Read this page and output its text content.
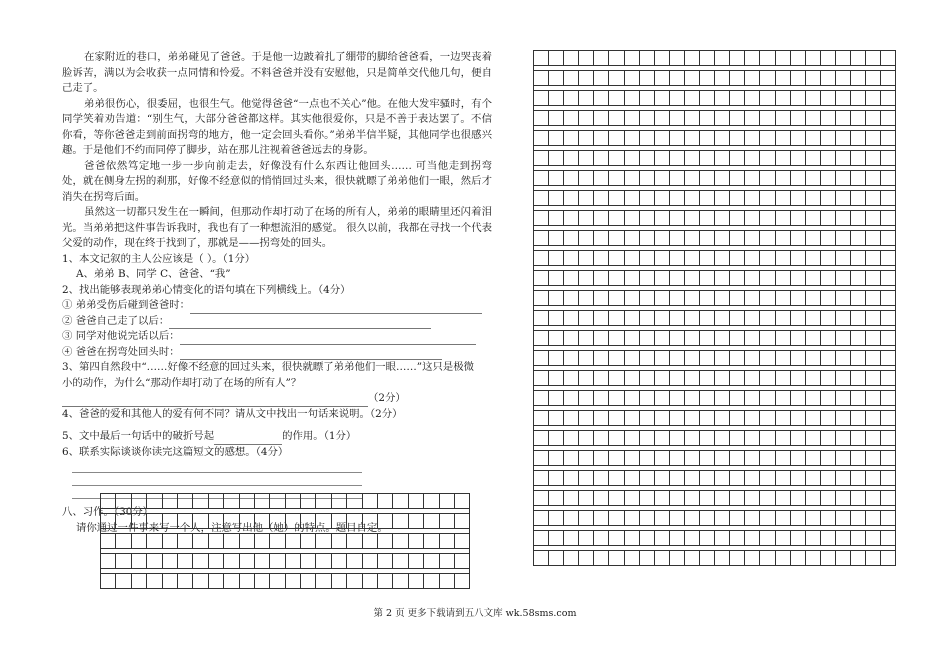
在家附近的巷口，弟弟碰见了爸爸。于是他一边跛着扎了绷带的脚给爸爸看，一边哭丧着脸诉苦，满以为会收获一点同情和怜爱。不料爸爸并没有安慰他，只是简单交代他几句，便自己走了。

弟弟很伤心，很委屈，也很生气。他觉得爸爸“一点也不关心”他。在他大发牢骚时，有个同学笑着劝告道：“别生气，大部分爸爸都这样。其实他很爱你，只是不善于表达罢了。不信你看，等你爸爸走到前面拐弯的地方，他一定会回头看你。”弟弟半信半疑，其他同学也很感兴趣。于是他们不约而同停了脚步，站在那儿注视着爸爸远去的身影。

爸爸依然笃定地一步一步向前走去，好像没有什么东西让他回头…… 可当他走到拐弯处，就在侧身左拐的刹那，好像不经意似的悄悄回过头来，很快就瞟了弟弟他们一眼，然后才消失在拐弯后面。

虽然这一切都只发生在一瞬间，但那动作却打动了在场的所有人，弟弟的眼睛里还闪着泪光。当弟弟把这件事告诉我时，我也有了一种想流泪的感觉。 很久以前，我都在寻找一个代表父爱的动作，现在终于找到了，那就是——拐弯处的回头。

1、本文记叙的主人公应该是（ ）。（1分）

A、弟弟 B、同学 C、爸爸、“我”

2、找出能够表现弟弟心情变化的语句填在下列横线上。（4分）

① 弟弟受伤后碰到爸爸时：

② 爸爸自己走了以后：

③ 同学对他说完话以后：

④ 爸爸在拐弯处回头时：

3、第四自然段中“……好像不经意的回过头来，很快就瞟了弟弟他们一眼……”这只是极微

小的动作，为什么“那动作却打动了在场的所有人”？

（2分）

4、爸爸的爱和其他人的爱有何不同？请从文中找出一句话来说明。（2分）

5、文中最后一句话中的破折号起	的作用。（1分）

6、联系实际谈谈你读完这篇短文的感想。（4分）

八、习作。（30分）

请你通过一件事来写一个人，注意写出他（她）的特点。题目自定。

第 2 页 更多下载请到五八文库 wk.58sms.com
